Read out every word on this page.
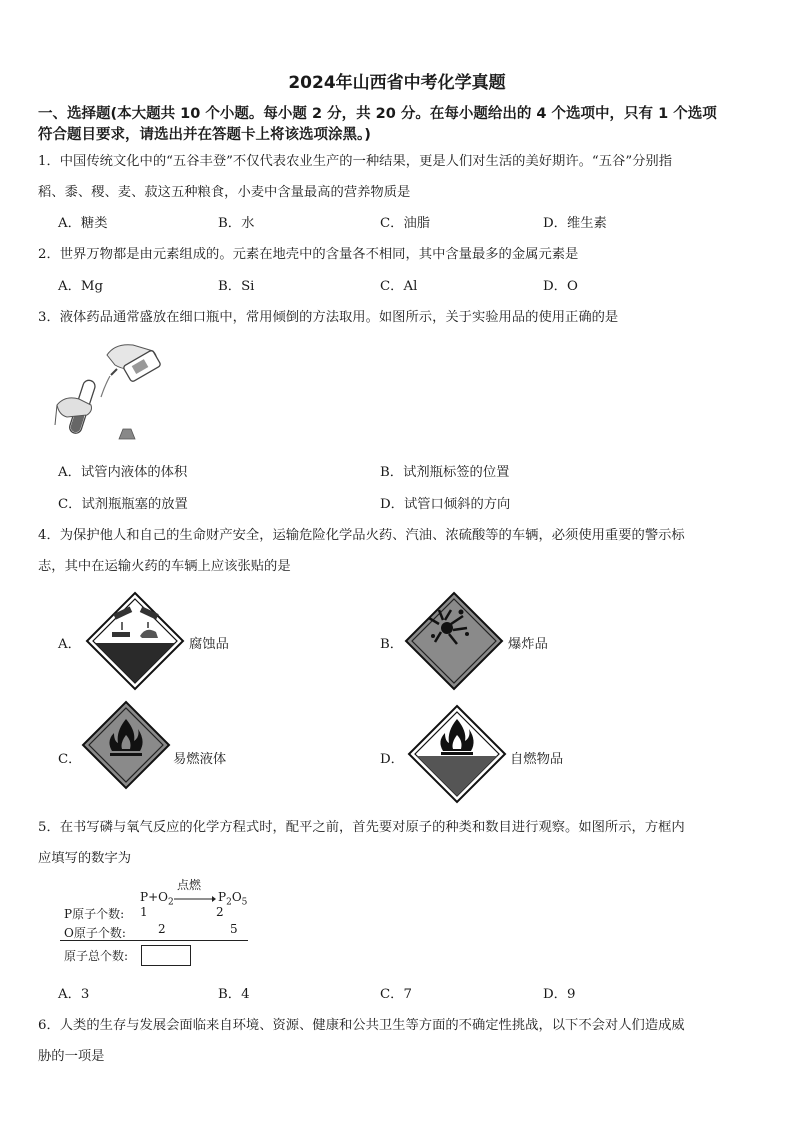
2024年山西省中考化学真题
一、选择题(本大题共 10 个小题。每小题 2 分，共 20 分。在每小题给出的 4 个选项中，只有 1 个选项
符合题目要求，请选出并在答题卡上将该选项涂黑。)
1．中国传统文化中的“五谷丰登”不仅代表农业生产的一种结果，更是人们对生活的美好期许。“五谷”分别指
稻、黍、稷、麦、菽这五种粮食，小麦中含量最高的营养物质是
A．糖类	B．水	C．油脂	D．维生素
2．世界万物都是由元素组成的。元素在地壳中的含量各不相同，其中含量最多的金属元素是
A．Mg	B．Si	C．Al	D．O
3．液体药品通常盛放在细口瓶中，常用倾倒的方法取用。如图所示，关于实验用品的使用正确的是
A．试管内液体的体积	B．试剂瓶标签的位置
C．试剂瓶瓶塞的放置	D．试管口倾斜的方向
4．为保护他人和自己的生命财产安全，运输危险化学品火药、汽油、浓硫酸等的车辆，必须使用重要的警示标
志，其中在运输火药的车辆上应该张贴的是
A．	腐蚀品	B．	爆炸品
C．	易燃液体	D．	自燃物品
5．在书写磷与氧气反应的化学方程式时，配平之前，首先要对原子的种类和数目进行观察。如图所示，方框内
应填写的数字为
点燃
$P+O_2 \to P_2O_5$
P原子个数: 1	2
O原子个数:	2	5
原子总个数:
A．3	B．4	C．7	D．9
6．人类的生存与发展会面临来自环境、资源、健康和公共卫生等方面的不确定性挑战，以下不会对人们造成威
胁的一项是
